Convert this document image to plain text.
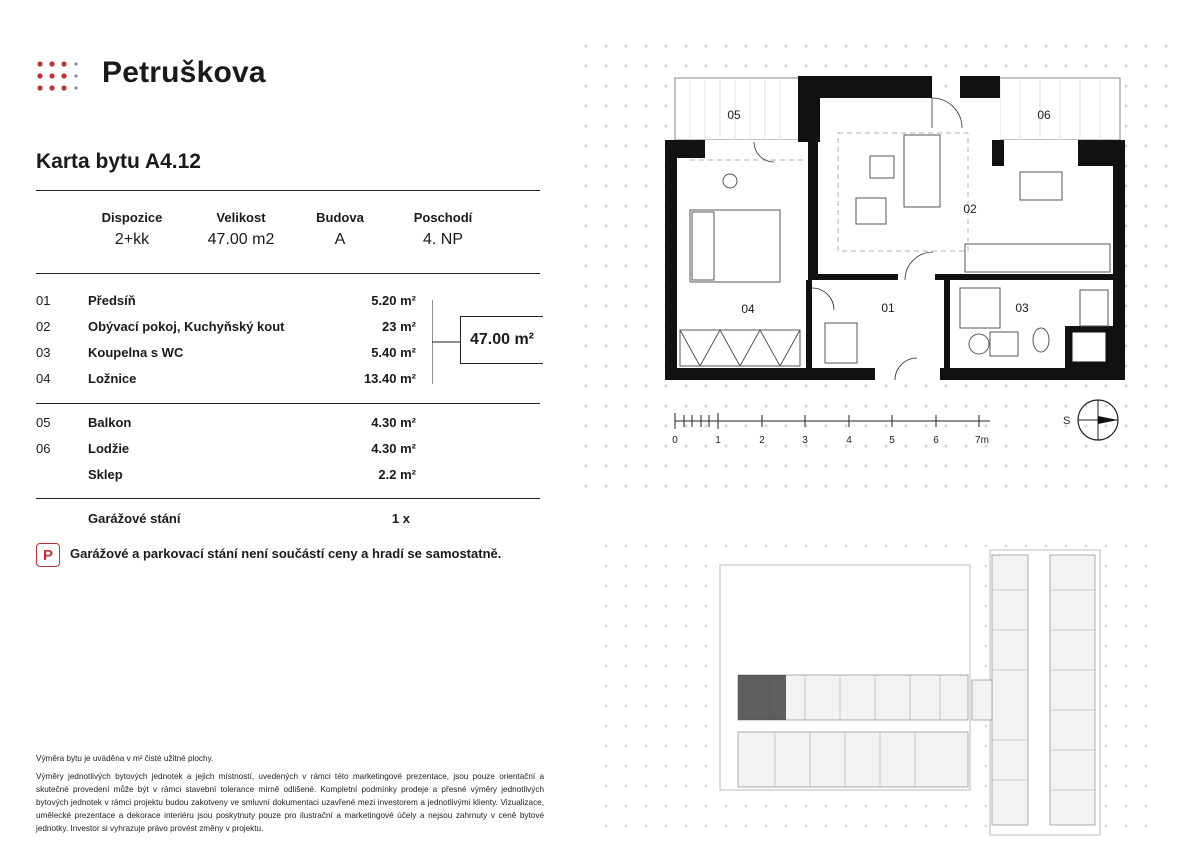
Petruškova
Karta bytu A4.12
Dispozice
2+kk
Velikost
47.00 m2
Budova
A
Poschodí
4. NP
01	Předsíň	5.20 m²
02	Obývací pokoj, Kuchyňský kout	23 m²
03	Koupelna s WC	5.40 m²
04	Ložnice	13.40 m²
47.00 m²
05	Balkon	4.30 m²
06	Lodžie	4.30 m²
Sklep	2.2 m²
Garážové stání	1 x
P	Garážové a parkovací stání není součástí ceny a hradí se samostatně.
Výměra bytu je uváděna v m² čisté užitné plochy.
Výměry jednotlivých bytových jednotek a jejich místností, uvedených v rámci této marketingové prezentace, jsou pouze orientační a skutečné provedení může být v rámci stavební tolerance mírně odlišené. Kompletní podmínky prodeje a přesné výměry jednotlivých bytových jednotek v rámci projektu budou zakotveny ve smluvní dokumentaci uzavřené mezi investorem a jednotlivými klienty. Vizualizace, umělecké prezentace a dekorace interiéru jsou poskytnuty pouze pro ilustrační a marketingové účely a nejsou zahrnuty v ceně bytové jednotky. Investor si vyhrazuje právo provést změny v projektu.
05	06
02
04	01	03
0	1	2	3	4	5	6	7m
S
